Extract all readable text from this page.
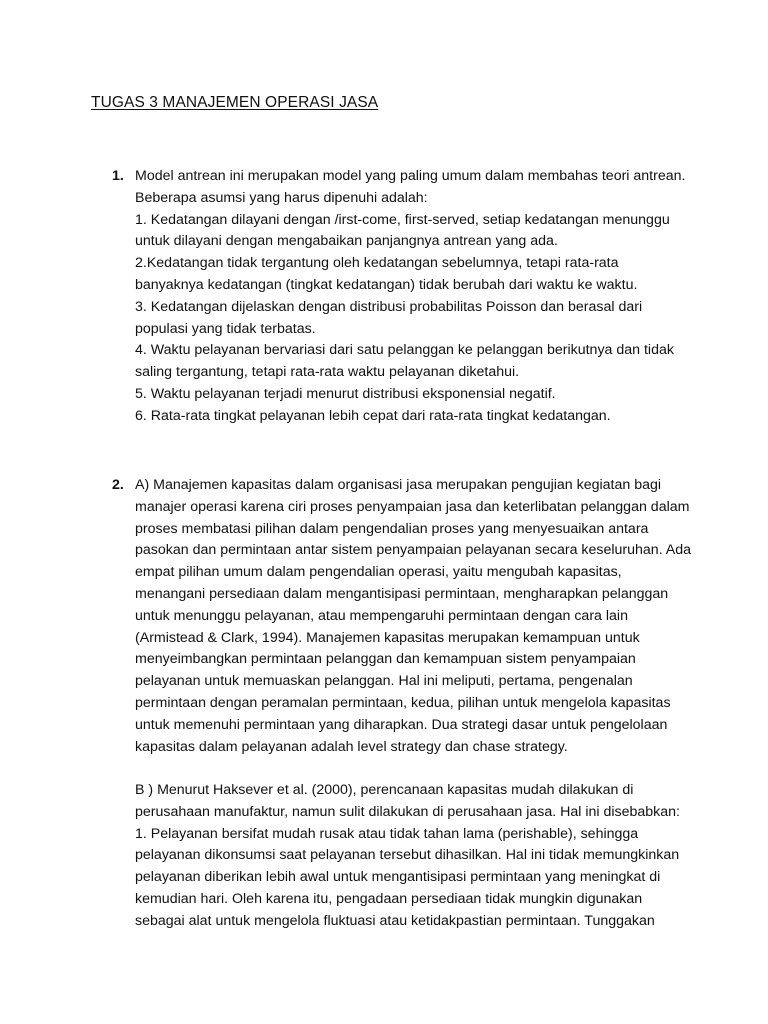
TUGAS 3 MANAJEMEN OPERASI JASA
1. Model antrean ini merupakan model yang paling umum dalam membahas teori antrean.
Beberapa asumsi yang harus dipenuhi adalah:
1. Kedatangan dilayani dengan /irst-come, first-served, setiap kedatangan menunggu
untuk dilayani dengan mengabaikan panjangnya antrean yang ada.
2.Kedatangan tidak tergantung oleh kedatangan sebelumnya, tetapi rata-rata
banyaknya kedatangan (tingkat kedatangan) tidak berubah dari waktu ke waktu.
3. Kedatangan dijelaskan dengan distribusi probabilitas Poisson dan berasal dari
populasi yang tidak terbatas.
4. Waktu pelayanan bervariasi dari satu pelanggan ke pelanggan berikutnya dan tidak
saling tergantung, tetapi rata-rata waktu pelayanan diketahui.
5. Waktu pelayanan terjadi menurut distribusi eksponensial negatif.
6. Rata-rata tingkat pelayanan lebih cepat dari rata-rata tingkat kedatangan.
2. A) Manajemen kapasitas dalam organisasi jasa merupakan pengujian kegiatan bagi
manajer operasi karena ciri proses penyampaian jasa dan keterlibatan pelanggan dalam
proses membatasi pilihan dalam pengendalian proses yang menyesuaikan antara
pasokan dan permintaan antar sistem penyampaian pelayanan secara keseluruhan. Ada
empat pilihan umum dalam pengendalian operasi, yaitu mengubah kapasitas,
menangani persediaan dalam mengantisipasi permintaan, mengharapkan pelanggan
untuk menunggu pelayanan, atau mempengaruhi permintaan dengan cara lain
(Armistead & Clark, 1994). Manajemen kapasitas merupakan kemampuan untuk
menyeimbangkan permintaan pelanggan dan kemampuan sistem penyampaian
pelayanan untuk memuaskan pelanggan. Hal ini meliputi, pertama, pengenalan
permintaan dengan peramalan permintaan, kedua, pilihan untuk mengelola kapasitas
untuk memenuhi permintaan yang diharapkan. Dua strategi dasar untuk pengelolaan
kapasitas dalam pelayanan adalah level strategy dan chase strategy.
B ) Menurut Haksever et al. (2000), perencanaan kapasitas mudah dilakukan di
perusahaan manufaktur, namun sulit dilakukan di perusahaan jasa. Hal ini disebabkan:
1. Pelayanan bersifat mudah rusak atau tidak tahan lama (perishable), sehingga
pelayanan dikonsumsi saat pelayanan tersebut dihasilkan. Hal ini tidak memungkinkan
pelayanan diberikan lebih awal untuk mengantisipasi permintaan yang meningkat di
kemudian hari. Oleh karena itu, pengadaan persediaan tidak mungkin digunakan
sebagai alat untuk mengelola fluktuasi atau ketidakpastian permintaan. Tunggakan
